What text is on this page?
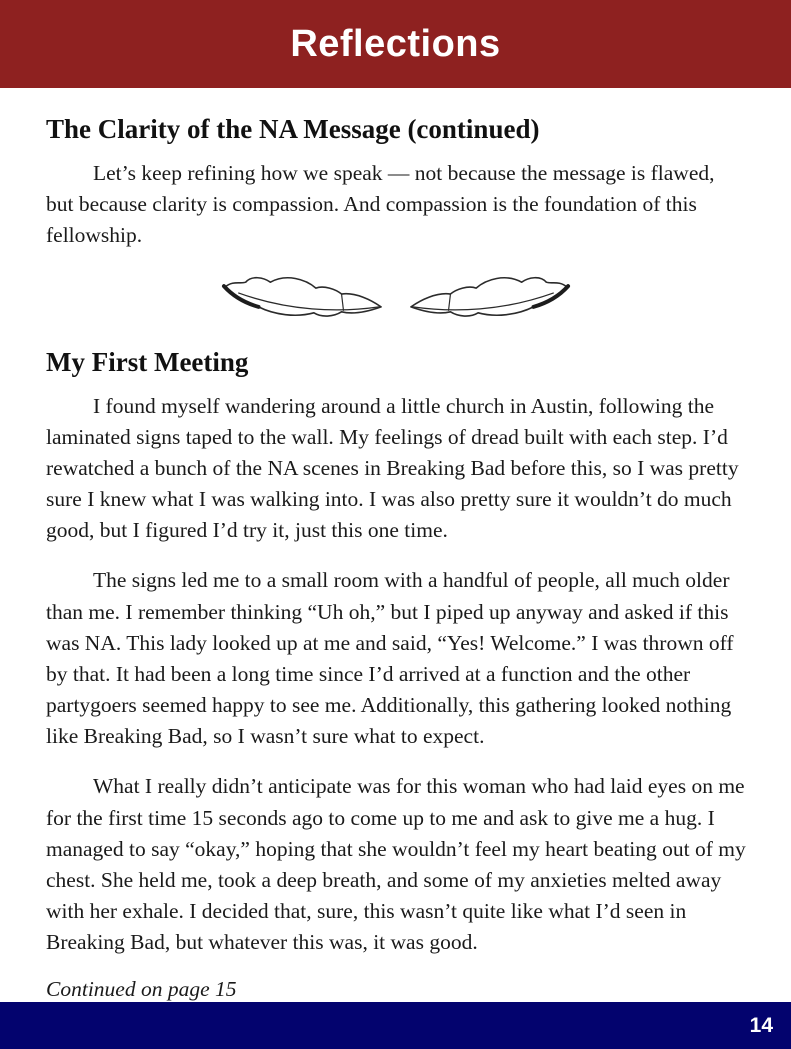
Reflections
The Clarity of the NA Message (continued)

Let’s keep refining how we speak — not because the message is flawed, but because clarity is compassion. And compassion is the foundation of this fellowship.

My First Meeting

I found myself wandering around a little church in Austin, following the laminated signs taped to the wall. My feelings of dread built with each step. I’d rewatched a bunch of the NA scenes in Breaking Bad before this, so I was pretty sure I knew what I was walking into. I was also pretty sure it wouldn’t do much good, but I figured I’d try it, just this one time.

The signs led me to a small room with a handful of people, all much older than me. I remember thinking “Uh oh,” but I piped up anyway and asked if this was NA. This lady looked up at me and said, “Yes! Welcome.” I was thrown off by that. It had been a long time since I’d arrived at a function and the other partygoers seemed happy to see me. Additionally, this gathering looked nothing like Breaking Bad, so I wasn’t sure what to expect.

What I really didn’t anticipate was for this woman who had laid eyes on me for the first time 15 seconds ago to come up to me and ask to give me a hug. I managed to say “okay,” hoping that she wouldn’t feel my heart beating out of my chest. She held me, took a deep breath, and some of my anxieties melted away with her exhale. I decided that, sure, this wasn’t quite like what I’d seen in Breaking Bad, but whatever this was, it was good.

Continued on page 15

14
